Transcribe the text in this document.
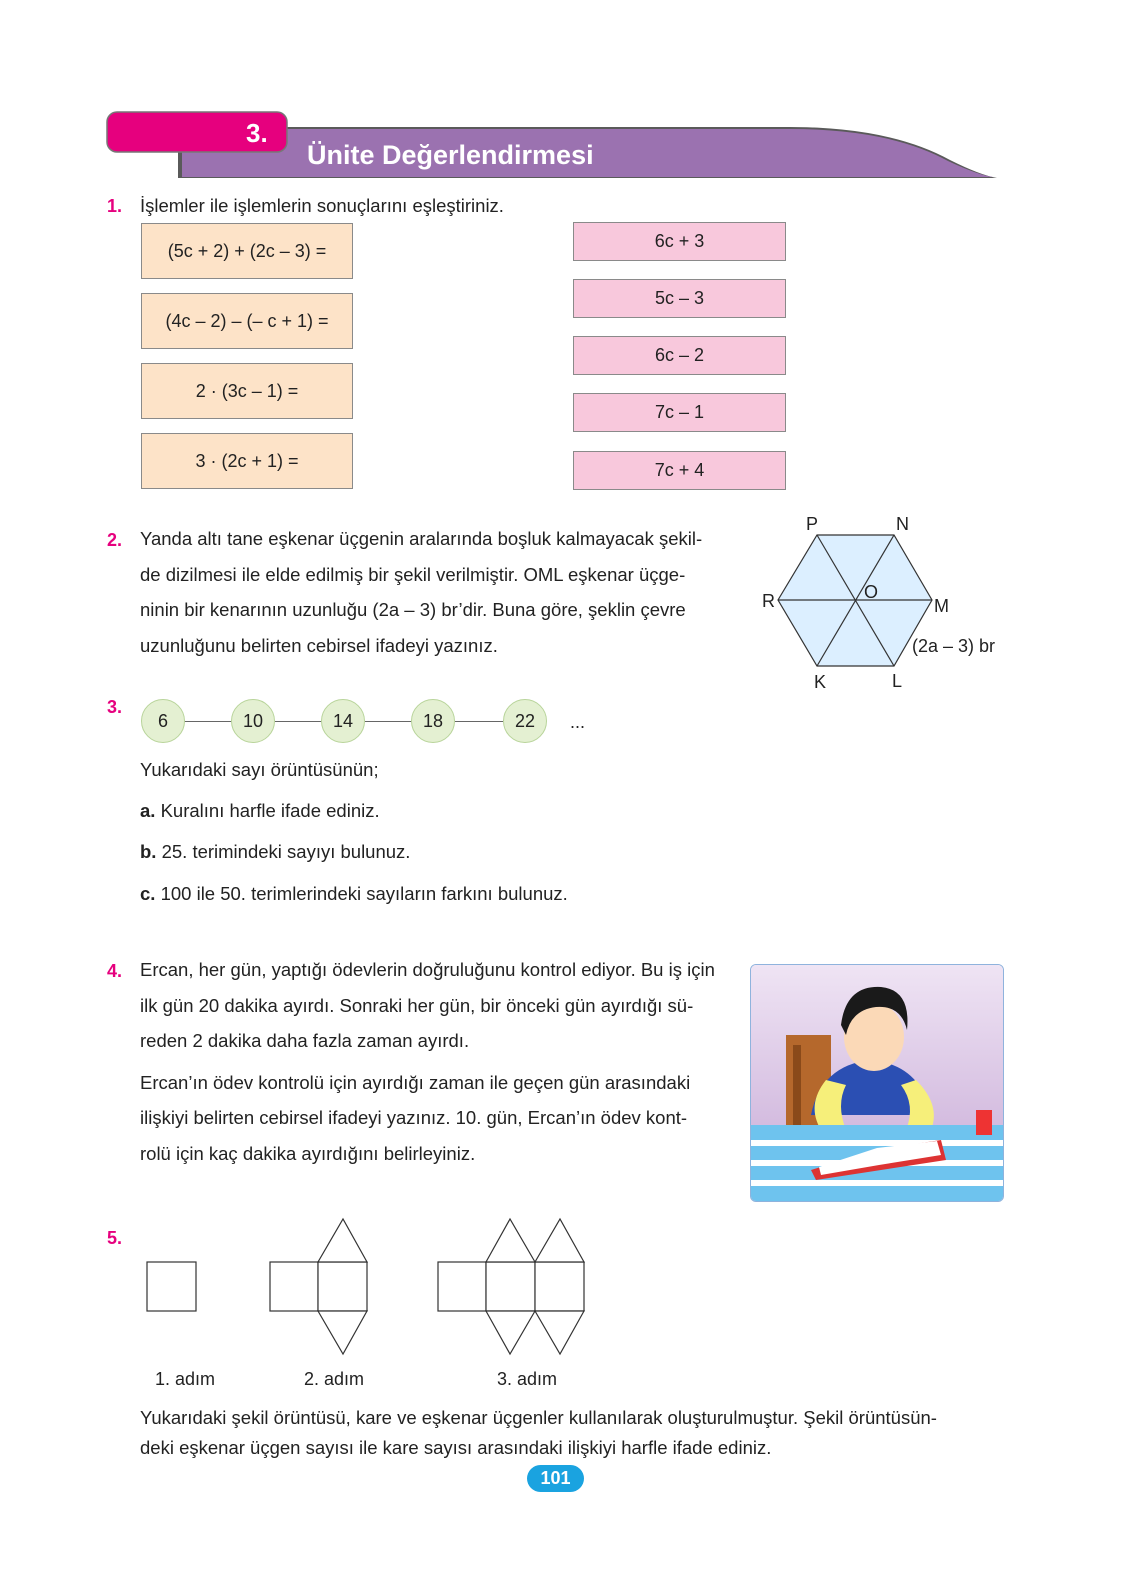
3.
Ünite Değerlendirmesi
1. İşlemler ile işlemlerin sonuçlarını eşleştiriniz.
(5c + 2) + (2c – 3) =
(4c – 2) – (– c + 1) =
2 · (3c – 1) =
3 · (2c + 1) =
6c + 3
5c – 3
6c – 2
7c – 1
7c + 4
2. Yanda altı tane eşkenar üçgenin aralarında boşluk kalmayacak şekil-
de dizilmesi ile elde edilmiş bir şekil verilmiştir. OML eşkenar üçge-
ninin bir kenarının uzunluğu (2a – 3) br’dir. Buna göre, şeklin çevre
uzunluğunu belirten cebirsel ifadeyi yazınız.
P	N
M
L
K
R	O
(2a – 3) br
3.
6	10	14	18	22	...
Yukarıdaki sayı örüntüsünün;
a. Kuralını harfle ifade ediniz.
b. 25. terimindeki sayıyı bulunuz.
c. 100 ile 50. terimlerindeki sayıların farkını bulunuz.
4. Ercan, her gün, yaptığı ödevlerin doğruluğunu kontrol ediyor. Bu iş için
ilk gün 20 dakika ayırdı. Sonraki her gün, bir önceki gün ayırdığı sü-
reden 2 dakika daha fazla zaman ayırdı.
Ercan’ın ödev kontrolü için ayırdığı zaman ile geçen gün arasındaki
ilişkiyi belirten cebirsel ifadeyi yazınız. 10. gün, Ercan’ın ödev kont-
rolü için kaç dakika ayırdığını belirleyiniz.
5.
1. adım	2. adım	3. adım
Yukarıdaki şekil örüntüsü, kare ve eşkenar üçgenler kullanılarak oluşturulmuştur. Şekil örüntüsün-
deki eşkenar üçgen sayısı ile kare sayısı arasındaki ilişkiyi harfle ifade ediniz.
101
